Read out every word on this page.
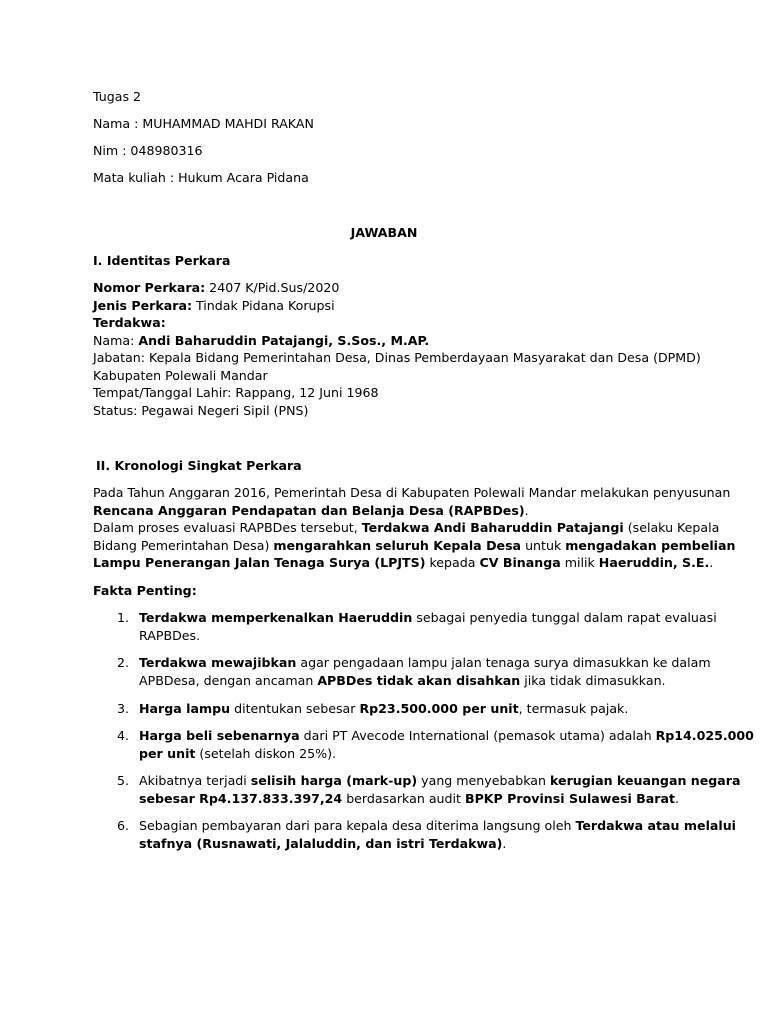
Tugas 2
Nama : MUHAMMAD MAHDI RAKAN
Nim : 048980316
Mata kuliah : Hukum Acara Pidana
JAWABAN
I. Identitas Perkara
Nomor Perkara: 2407 K/Pid.Sus/2020
Jenis Perkara: Tindak Pidana Korupsi
Terdakwa:
Nama: Andi Baharuddin Patajangi, S.Sos., M.AP.
Jabatan: Kepala Bidang Pemerintahan Desa, Dinas Pemberdayaan Masyarakat dan Desa (DPMD)
Kabupaten Polewali Mandar
Tempat/Tanggal Lahir: Rappang, 12 Juni 1968
Status: Pegawai Negeri Sipil (PNS)
II. Kronologi Singkat Perkara
Pada Tahun Anggaran 2016, Pemerintah Desa di Kabupaten Polewali Mandar melakukan penyusunan
Rencana Anggaran Pendapatan dan Belanja Desa (RAPBDes).
Dalam proses evaluasi RAPBDes tersebut, Terdakwa Andi Baharuddin Patajangi (selaku Kepala
Bidang Pemerintahan Desa) mengarahkan seluruh Kepala Desa untuk mengadakan pembelian
Lampu Penerangan Jalan Tenaga Surya (LPJTS) kepada CV Binanga milik Haeruddin, S.E..
Fakta Penting:
1. Terdakwa memperkenalkan Haeruddin sebagai penyedia tunggal dalam rapat evaluasi
RAPBDes.
2. Terdakwa mewajibkan agar pengadaan lampu jalan tenaga surya dimasukkan ke dalam
APBDesa, dengan ancaman APBDes tidak akan disahkan jika tidak dimasukkan.
3. Harga lampu ditentukan sebesar Rp23.500.000 per unit, termasuk pajak.
4. Harga beli sebenarnya dari PT Avecode International (pemasok utama) adalah Rp14.025.000
per unit (setelah diskon 25%).
5. Akibatnya terjadi selisih harga (mark-up) yang menyebabkan kerugian keuangan negara
sebesar Rp4.137.833.397,24 berdasarkan audit BPKP Provinsi Sulawesi Barat.
6. Sebagian pembayaran dari para kepala desa diterima langsung oleh Terdakwa atau melalui
stafnya (Rusnawati, Jalaluddin, dan istri Terdakwa).
